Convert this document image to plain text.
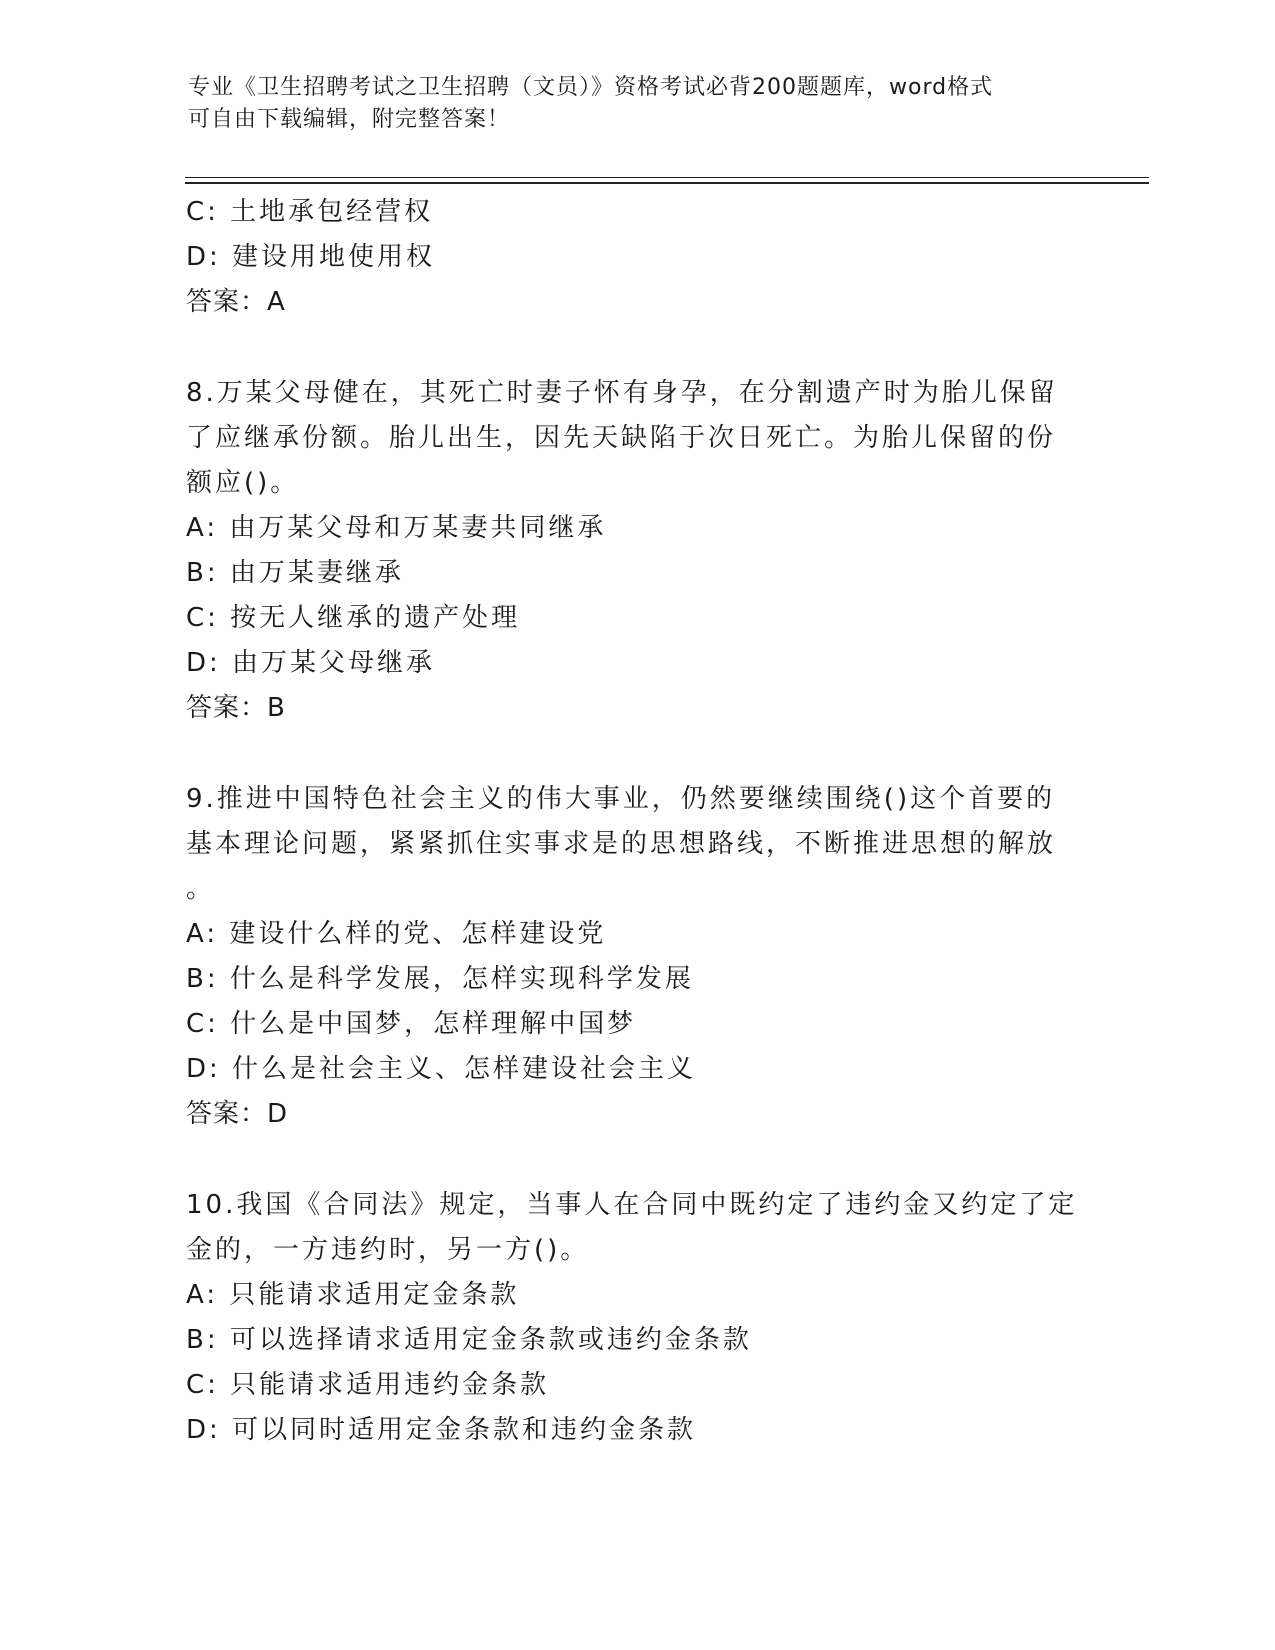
专业《卫生招聘考试之卫生招聘（文员）》资格考试必背200题题库，word格式
可自由下载编辑，附完整答案！
C: 土地承包经营权
D: 建设用地使用权
答案：A
8.万某父母健在，其死亡时妻子怀有身孕，在分割遗产时为胎儿保留
了应继承份额。胎儿出生，因先天缺陷于次日死亡。为胎儿保留的份
额应()。
A: 由万某父母和万某妻共同继承
B: 由万某妻继承
C: 按无人继承的遗产处理
D: 由万某父母继承
答案：B
9.推进中国特色社会主义的伟大事业，仍然要继续围绕()这个首要的
基本理论问题，紧紧抓住实事求是的思想路线，不断推进思想的解放
。
A: 建设什么样的党、怎样建设党
B: 什么是科学发展，怎样实现科学发展
C: 什么是中国梦，怎样理解中国梦
D: 什么是社会主义、怎样建设社会主义
答案：D
10.我国《合同法》规定，当事人在合同中既约定了违约金又约定了定
金的，一方违约时，另一方()。
A: 只能请求适用定金条款
B: 可以选择请求适用定金条款或违约金条款
C: 只能请求适用违约金条款
D: 可以同时适用定金条款和违约金条款
